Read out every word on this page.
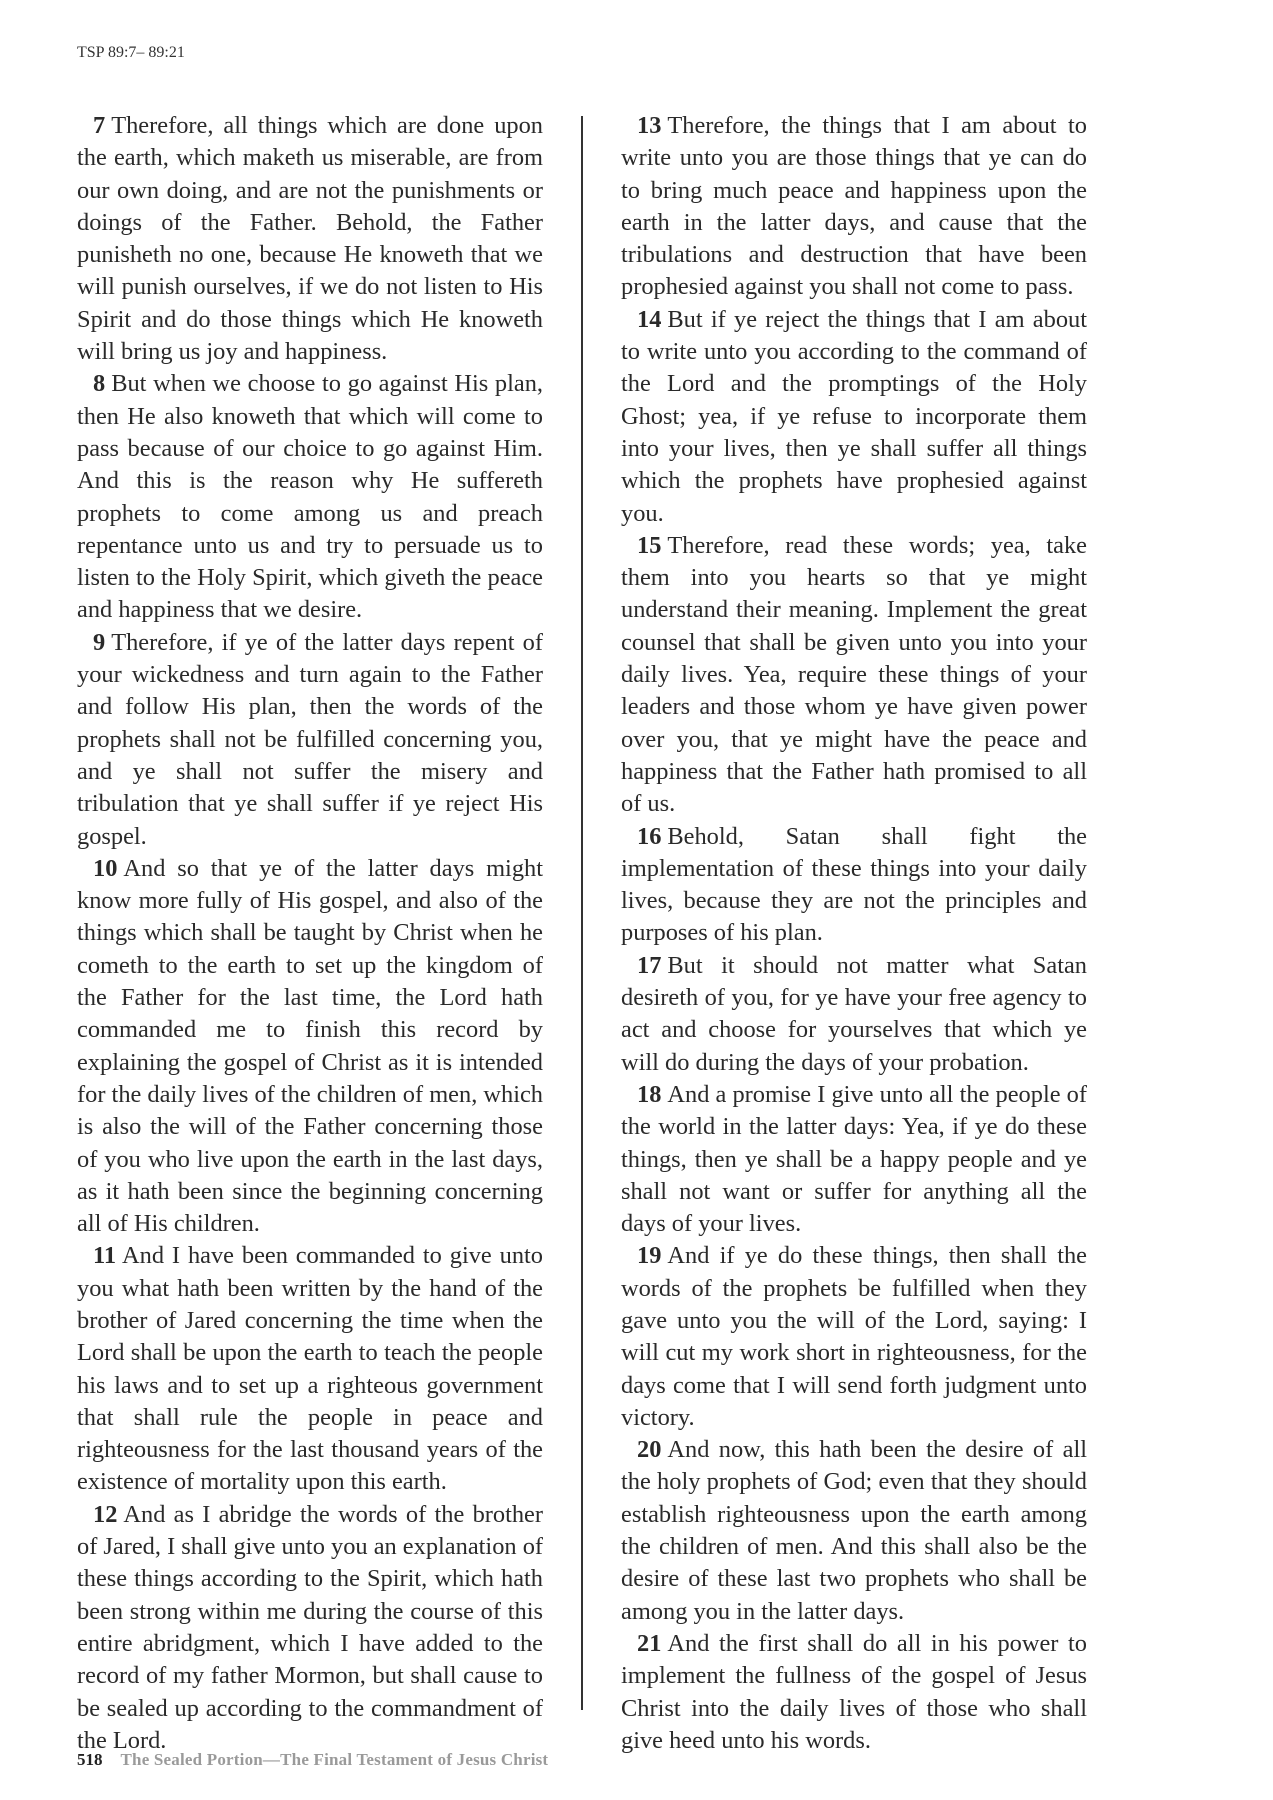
TSP 89:7– 89:21

7 Therefore, all things which are done upon the earth, which maketh us miserable, are from our own doing, and are not the punishments or doings of the Father. Behold, the Father punisheth no one, because He knoweth that we will punish ourselves, if we do not listen to His Spirit and do those things which He knoweth will bring us joy and happiness.

8 But when we choose to go against His plan, then He also knoweth that which will come to pass because of our choice to go against Him. And this is the reason why He suffereth prophets to come among us and preach repentance unto us and try to persuade us to listen to the Holy Spirit, which giveth the peace and happiness that we desire.

9 Therefore, if ye of the latter days repent of your wickedness and turn again to the Father and follow His plan, then the words of the prophets shall not be fulfilled concerning you, and ye shall not suffer the misery and tribulation that ye shall suffer if ye reject His gospel.

10 And so that ye of the latter days might know more fully of His gospel, and also of the things which shall be taught by Christ when he cometh to the earth to set up the kingdom of the Father for the last time, the Lord hath commanded me to finish this record by explaining the gospel of Christ as it is intended for the daily lives of the children of men, which is also the will of the Father concerning those of you who live upon the earth in the last days, as it hath been since the beginning concerning all of His children.

11 And I have been commanded to give unto you what hath been written by the hand of the brother of Jared concerning the time when the Lord shall be upon the earth to teach the people his laws and to set up a righteous government that shall rule the people in peace and righteousness for the last thousand years of the existence of mortality upon this earth.

12 And as I abridge the words of the brother of Jared, I shall give unto you an explanation of these things according to the Spirit, which hath been strong within me during the course of this entire abridgment, which I have added to the record of my father Mormon, but shall cause to be sealed up according to the commandment of the Lord.

13 Therefore, the things that I am about to write unto you are those things that ye can do to bring much peace and happiness upon the earth in the latter days, and cause that the tribulations and destruction that have been prophesied against you shall not come to pass.

14 But if ye reject the things that I am about to write unto you according to the command of the Lord and the promptings of the Holy Ghost; yea, if ye refuse to incorporate them into your lives, then ye shall suffer all things which the prophets have prophesied against you.

15 Therefore, read these words; yea, take them into you hearts so that ye might understand their meaning. Implement the great counsel that shall be given unto you into your daily lives. Yea, require these things of your leaders and those whom ye have given power over you, that ye might have the peace and happiness that the Father hath promised to all of us.

16 Behold, Satan shall fight the implementation of these things into your daily lives, because they are not the principles and purposes of his plan.

17 But it should not matter what Satan desireth of you, for ye have your free agency to act and choose for yourselves that which ye will do during the days of your probation.

18 And a promise I give unto all the people of the world in the latter days: Yea, if ye do these things, then ye shall be a happy people and ye shall not want or suffer for anything all the days of your lives.

19 And if ye do these things, then shall the words of the prophets be fulfilled when they gave unto you the will of the Lord, saying: I will cut my work short in righteousness, for the days come that I will send forth judgment unto victory.

20 And now, this hath been the desire of all the holy prophets of God; even that they should establish righteousness upon the earth among the children of men. And this shall also be the desire of these last two prophets who shall be among you in the latter days.

21 And the first shall do all in his power to implement the fullness of the gospel of Jesus Christ into the daily lives of those who shall give heed unto his words.

518 The Sealed Portion—The Final Testament of Jesus Christ
